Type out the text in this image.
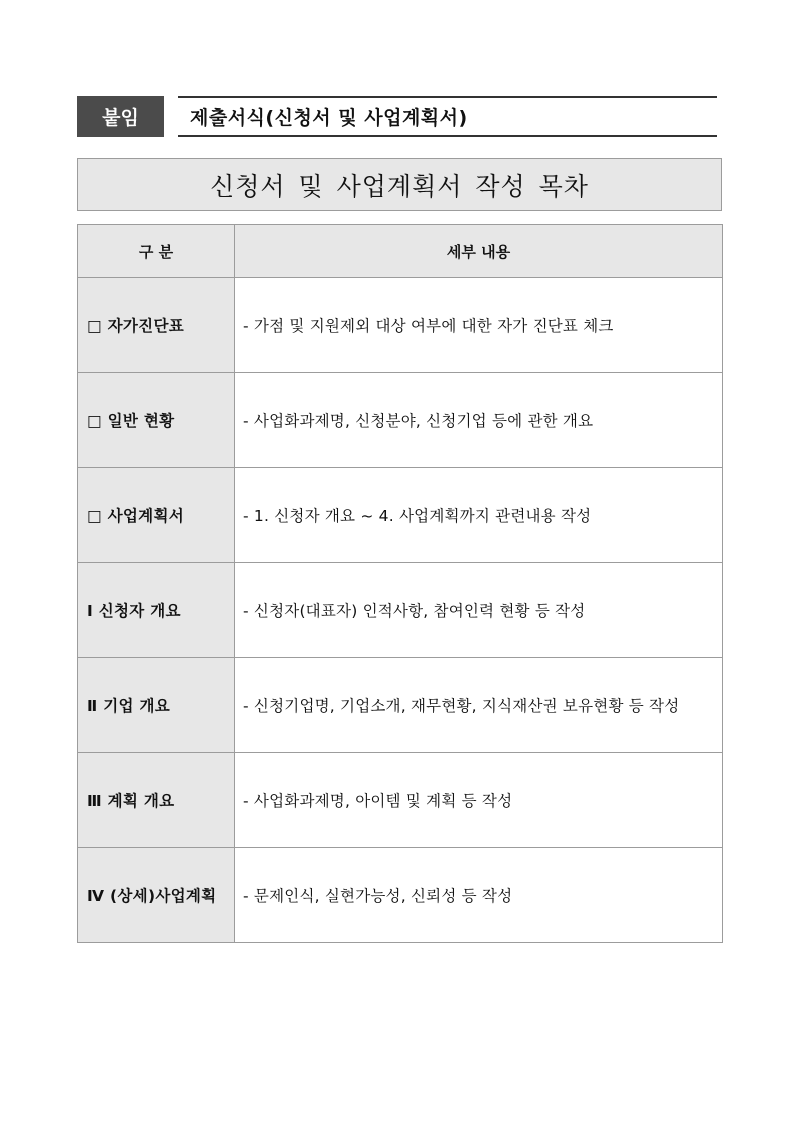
붙임	제출서식(신청서 및 사업계획서)
신청서 및 사업계획서 작성 목차
구 분	세부 내용
□ 자가진단표	- 가점 및 지원제외 대상 여부에 대한 자가 진단표 체크
□ 일반 현황	- 사업화과제명, 신청분야, 신청기업 등에 관한 개요
□ 사업계획서	- 1. 신청자 개요 ~ 4. 사업계획까지 관련내용 작성
Ⅰ 신청자 개요	- 신청자(대표자) 인적사항, 참여인력 현황 등 작성
Ⅱ 기업 개요	- 신청기업명, 기업소개, 재무현황, 지식재산권 보유현황 등 작성
Ⅲ 계획 개요	- 사업화과제명, 아이템 및 계획 등 작성
Ⅳ (상세)사업계획	- 문제인식, 실현가능성, 신뢰성 등 작성
